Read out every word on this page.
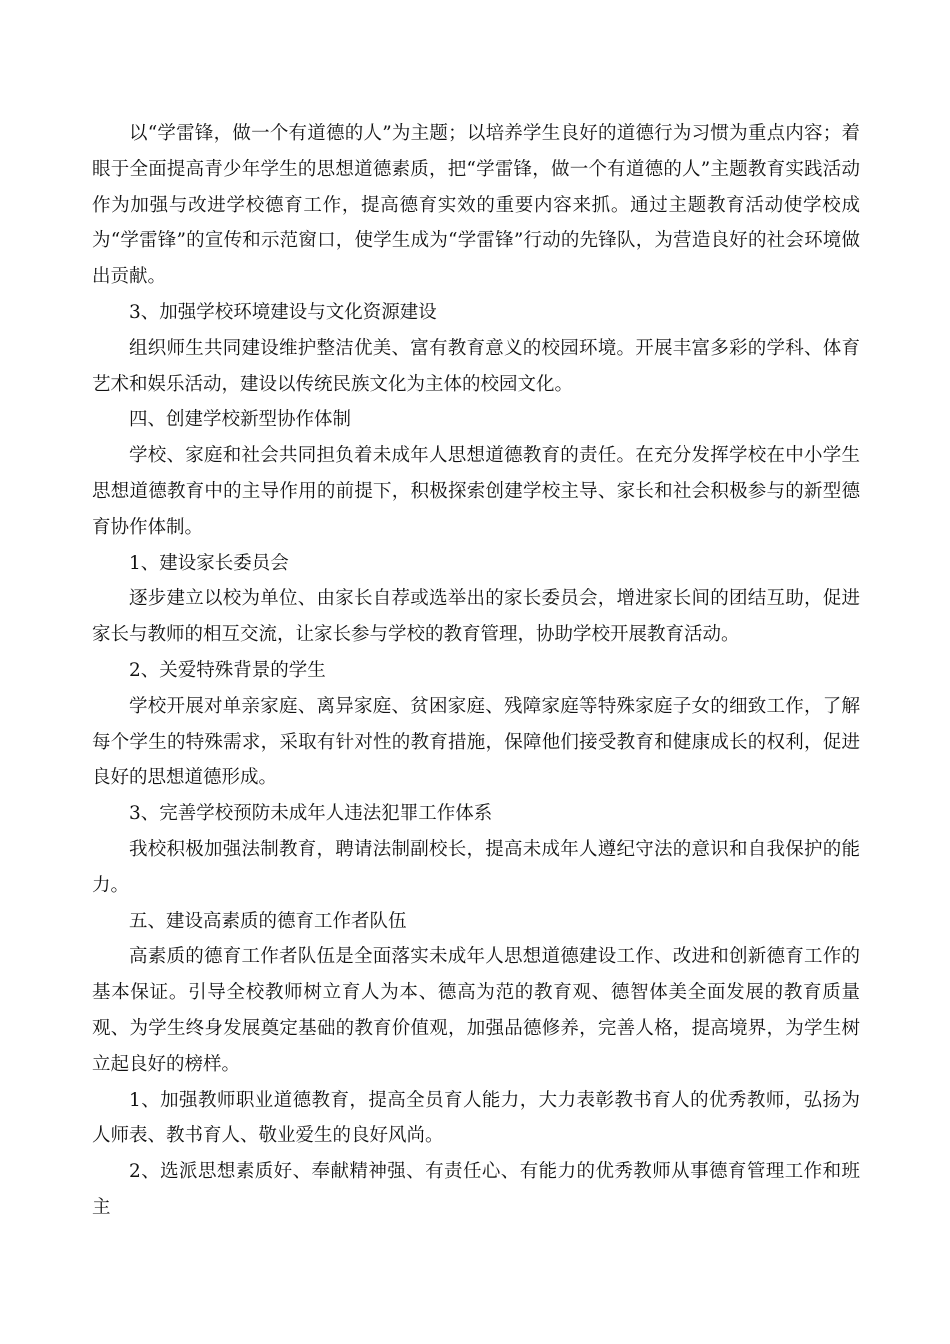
以“学雷锋，做一个有道德的人”为主题；以培养学生良好的道德行为习惯为重点内容；着眼于全面提高青少年学生的思想道德素质，把“学雷锋，做一个有道德的人”主题教育实践活动作为加强与改进学校德育工作，提高德育实效的重要内容来抓。通过主题教育活动使学校成为“学雷锋”的宣传和示范窗口，使学生成为“学雷锋”行动的先锋队，为营造良好的社会环境做出贡献。

3、加强学校环境建设与文化资源建设

组织师生共同建设维护整洁优美、富有教育意义的校园环境。开展丰富多彩的学科、体育艺术和娱乐活动，建设以传统民族文化为主体的校园文化。

四、创建学校新型协作体制

学校、家庭和社会共同担负着未成年人思想道德教育的责任。在充分发挥学校在中小学生思想道德教育中的主导作用的前提下，积极探索创建学校主导、家长和社会积极参与的新型德育协作体制。

1、建设家长委员会

逐步建立以校为单位、由家长自荐或选举出的家长委员会，增进家长间的团结互助，促进家长与教师的相互交流，让家长参与学校的教育管理，协助学校开展教育活动。

2、关爱特殊背景的学生

学校开展对单亲家庭、离异家庭、贫困家庭、残障家庭等特殊家庭子女的细致工作，了解每个学生的特殊需求，采取有针对性的教育措施，保障他们接受教育和健康成长的权利，促进良好的思想道德形成。

3、完善学校预防未成年人违法犯罪工作体系

我校积极加强法制教育，聘请法制副校长，提高未成年人遵纪守法的意识和自我保护的能力。

五、建设高素质的德育工作者队伍

高素质的德育工作者队伍是全面落实未成年人思想道德建设工作、改进和创新德育工作的基本保证。引导全校教师树立育人为本、德高为范的教育观、德智体美全面发展的教育质量观、为学生终身发展奠定基础的教育价值观，加强品德修养，完善人格，提高境界，为学生树立起良好的榜样。

1、加强教师职业道德教育，提高全员育人能力，大力表彰教书育人的优秀教师，弘扬为人师表、教书育人、敬业爱生的良好风尚。

2、选派思想素质好、奉献精神强、有责任心、有能力的优秀教师从事德育管理工作和班主
